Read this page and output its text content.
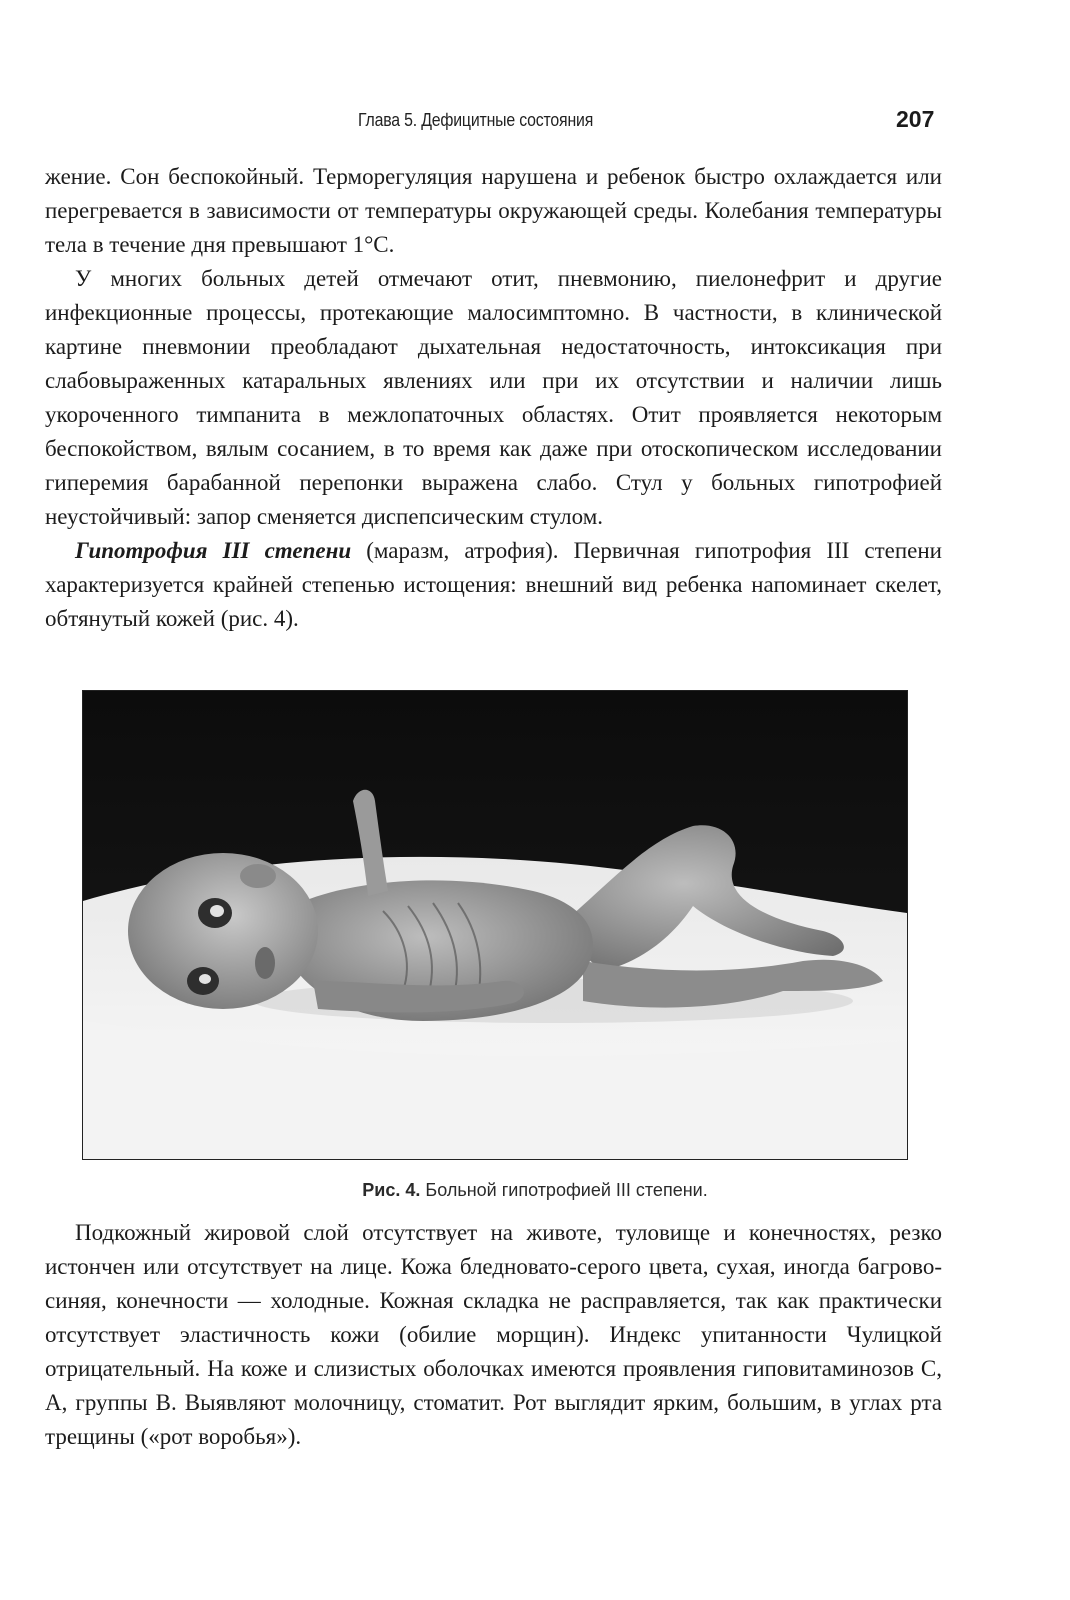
Глава 5. Дефицитные состояния	207

жение. Сон беспокойный. Терморегуляция нарушена и ребенок быстро охлаждается или перегревается в зависимости от температуры окружающей среды. Колебания температуры тела в течение дня превышают 1°С.

У многих больных детей отмечают отит, пневмонию, пиелонефрит и другие инфекционные процессы, протекающие малосимптомно. В частности, в клинической картине пневмонии преобладают дыхательная недостаточность, интоксикация при слабовыраженных катаральных явлениях или при их отсутствии и наличии лишь укороченного тимпанита в межлопаточных областях. Отит проявляется некоторым беспокойством, вялым сосанием, в то время как даже при отоскопическом исследовании гиперемия барабанной перепонки выражена слабо. Стул у больных гипотрофией неустойчивый: запор сменяется диспепсическим стулом.

Гипотрофия III степени (маразм, атрофия). Первичная гипотрофия III степени характеризуется крайней степенью истощения: внешний вид ребенка напоминает скелет, обтянутый кожей (рис. 4).

Рис. 4. Больной гипотрофией III степени.

Подкожный жировой слой отсутствует на животе, туловище и конечностях, резко истончен или отсутствует на лице. Кожа бледновато-серого цвета, сухая, иногда багрово-синяя, конечности — холодные. Кожная складка не расправляется, так как практически отсутствует эластичность кожи (обилие морщин). Индекс упитанности Чулицкой отрицательный. На коже и слизистых оболочках имеются проявления гиповитаминозов С, А, группы В. Выявляют молочницу, стоматит. Рот выглядит ярким, большим, в углах рта трещины («рот воробья»).
